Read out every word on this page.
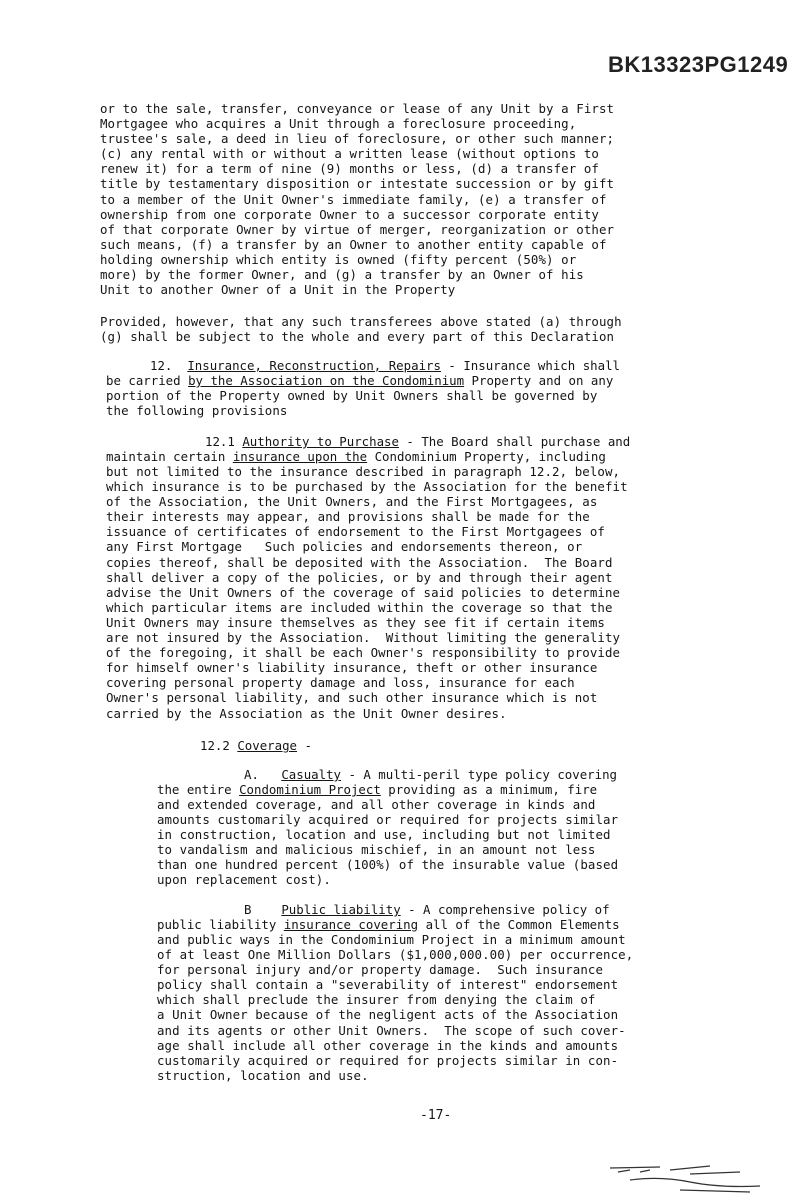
BK13323PG1249
or to the sale, transfer, conveyance or lease of any Unit by a First
Mortgagee who acquires a Unit through a foreclosure proceeding,
trustee's sale, a deed in lieu of foreclosure, or other such manner;
(c) any rental with or without a written lease (without options to
renew it) for a term of nine (9) months or less, (d) a transfer of
title by testamentary disposition or intestate succession or by gift
to a member of the Unit Owner's immediate family, (e) a transfer of
ownership from one corporate Owner to a successor corporate entity
of that corporate Owner by virtue of merger, reorganization or other
such means, (f) a transfer by an Owner to another entity capable of
holding ownership which entity is owned (fifty percent (50%) or
more) by the former Owner, and (g) a transfer by an Owner of his
Unit to another Owner of a Unit in the Property
Provided, however, that any such transferees above stated (a) through
(g) shall be subject to the whole and every part of this Declaration
12. Insurance, Reconstruction, Repairs - Insurance which shall
be carried by the Association on the Condominium Property and on any
portion of the Property owned by Unit Owners shall be governed by
the following provisions
12.1 Authority to Purchase - The Board shall purchase and
maintain certain insurance upon the Condominium Property, including
but not limited to the insurance described in paragraph 12.2, below,
which insurance is to be purchased by the Association for the benefit
of the Association, the Unit Owners, and the First Mortgagees, as
their interests may appear, and provisions shall be made for the
issuance of certificates of endorsement to the First Mortgagees of
any First Mortgage   Such policies and endorsements thereon, or
copies thereof, shall be deposited with the Association.  The Board
shall deliver a copy of the policies, or by and through their agent
advise the Unit Owners of the coverage of said policies to determine
which particular items are included within the coverage so that the
Unit Owners may insure themselves as they see fit if certain items
are not insured by the Association.  Without limiting the generality
of the foregoing, it shall be each Owner's responsibility to provide
for himself owner's liability insurance, theft or other insurance
covering personal property damage and loss, insurance for each
Owner's personal liability, and such other insurance which is not
carried by the Association as the Unit Owner desires.
12.2 Coverage -
A. Casualty - A multi-peril type policy covering
the entire Condominium Project providing as a minimum, fire
and extended coverage, and all other coverage in kinds and
amounts customarily acquired or required for projects similar
in construction, location and use, including but not limited
to vandalism and malicious mischief, in an amount not less
than one hundred percent (100%) of the insurable value (based
upon replacement cost).
B Public liability - A comprehensive policy of
public liability insurance covering all of the Common Elements
and public ways in the Condominium Project in a minimum amount
of at least One Million Dollars ($1,000,000.00) per occurrence,
for personal injury and/or property damage.  Such insurance
policy shall contain a "severability of interest" endorsement
which shall preclude the insurer from denying the claim of
a Unit Owner because of the negligent acts of the Association
and its agents or other Unit Owners.  The scope of such cover-
age shall include all other coverage in the kinds and amounts
customarily acquired or required for projects similar in con-
struction, location and use.
-17-
